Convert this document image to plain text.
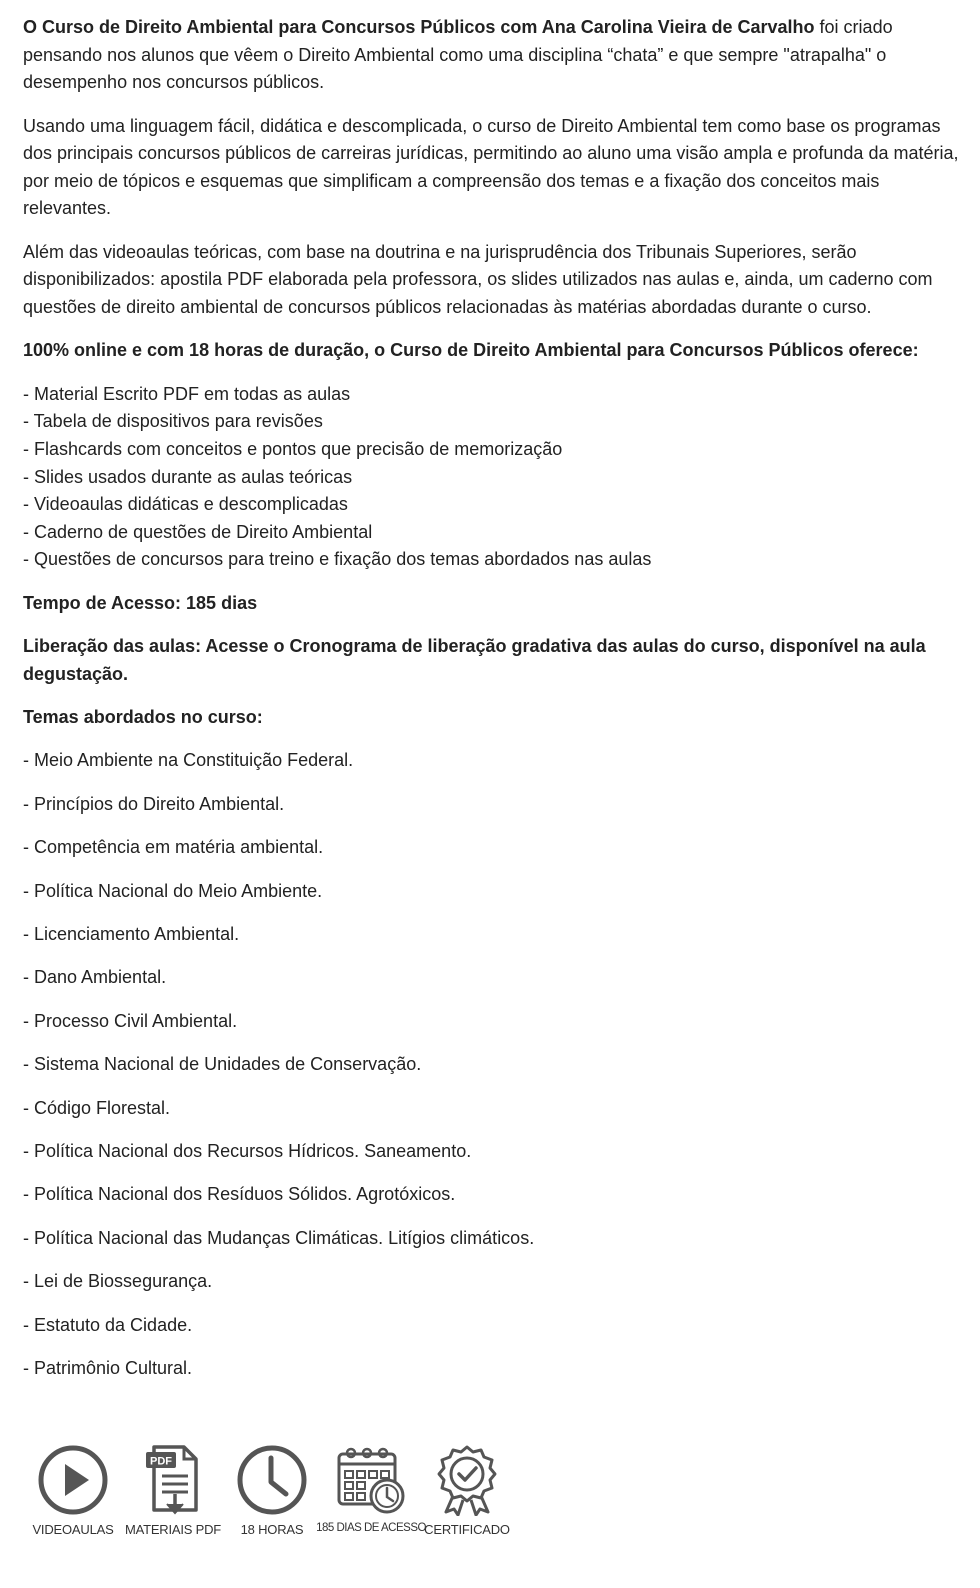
O Curso de Direito Ambiental para Concursos Públicos com Ana Carolina Vieira de Carvalho foi criado pensando nos alunos que vêem o Direito Ambiental como uma disciplina “chata” e que sempre "atrapalha" o desempenho nos concursos públicos.

Usando uma linguagem fácil, didática e descomplicada, o curso de Direito Ambiental tem como base os programas dos principais concursos públicos de carreiras jurídicas, permitindo ao aluno uma visão ampla e profunda da matéria, por meio de tópicos e esquemas que simplificam a compreensão dos temas e a fixação dos conceitos mais relevantes.

Além das videoaulas teóricas, com base na doutrina e na jurisprudência dos Tribunais Superiores, serão disponibilizados: apostila PDF elaborada pela professora, os slides utilizados nas aulas e, ainda, um caderno com questões de direito ambiental de concursos públicos relacionadas às matérias abordadas durante o curso.

100% online e com 18 horas de duração, o Curso de Direito Ambiental para Concursos Públicos oferece:

- Material Escrito PDF em todas as aulas

- Tabela de dispositivos para revisões

- Flashcards com conceitos e pontos que precisão de memorização

- Slides usados durante as aulas teóricas

- Videoaulas didáticas e descomplicadas

- Caderno de questões de Direito Ambiental

- Questões de concursos para treino e fixação dos temas abordados nas aulas

Tempo de Acesso: 185 dias

Liberação das aulas: Acesse o Cronograma de liberação gradativa das aulas do curso, disponível na aula degustação.

Temas abordados no curso:

- Meio Ambiente na Constituição Federal.

- Princípios do Direito Ambiental.

- Competência em matéria ambiental.

- Política Nacional do Meio Ambiente.

- Licenciamento Ambiental.

- Dano Ambiental.

- Processo Civil Ambiental.

- Sistema Nacional de Unidades de Conservação.

- Código Florestal.

- Política Nacional dos Recursos Hídricos. Saneamento.

- Política Nacional dos Resíduos Sólidos. Agrotóxicos.

- Política Nacional das Mudanças Climáticas. Litígios climáticos.

- Lei de Biossegurança.

- Estatuto da Cidade.

- Patrimônio Cultural.

VIDEOAULAS
PDF
MATERIAIS PDF 18 HORAS 185 DIAS DE ACESSO
CERTIFICADO
